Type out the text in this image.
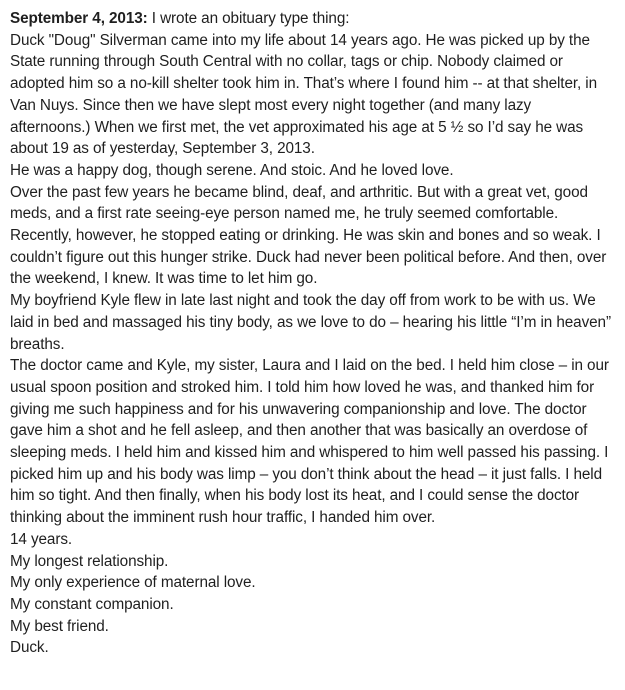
September 4, 2013: I wrote an obituary type thing:

Duck "Doug" Silverman came into my life about 14 years ago. He was picked up by the State running through South Central with no collar, tags or chip. Nobody claimed or adopted him so a no-kill shelter took him in. That’s where I found him -- at that shelter, in Van Nuys. Since then we have slept most every night together (and many lazy afternoons.) When we first met, the vet approximated his age at 5 ½ so I’d say he was about 19 as of yesterday, September 3, 2013.

He was a happy dog, though serene. And stoic. And he loved love.

Over the past few years he became blind, deaf, and arthritic. But with a great vet, good meds, and a first rate seeing-eye person named me, he truly seemed comfortable. Recently, however, he stopped eating or drinking. He was skin and bones and so weak. I couldn’t figure out this hunger strike. Duck had never been political before. And then, over the weekend, I knew. It was time to let him go.

My boyfriend Kyle flew in late last night and took the day off from work to be with us. We laid in bed and massaged his tiny body, as we love to do – hearing his little “I’m in heaven” breaths.

The doctor came and Kyle, my sister, Laura and I laid on the bed. I held him close – in our usual spoon position and stroked him. I told him how loved he was, and thanked him for giving me such happiness and for his unwavering companionship and love. The doctor gave him a shot and he fell asleep, and then another that was basically an overdose of sleeping meds. I held him and kissed him and whispered to him well passed his passing. I picked him up and his body was limp – you don’t think about the head – it just falls. I held him so tight. And then finally, when his body lost its heat, and I could sense the doctor thinking about the imminent rush hour traffic, I handed him over.

14 years.

My longest relationship.

My only experience of maternal love.

My constant companion.

My best friend.

Duck.
